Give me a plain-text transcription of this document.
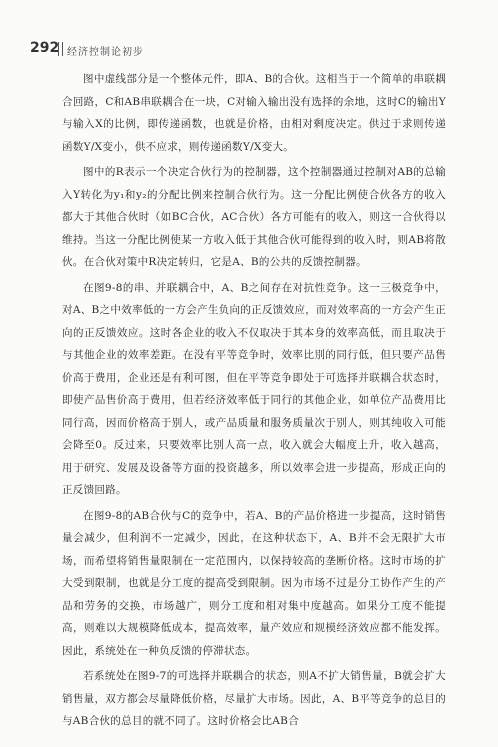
292 经济控制论初步

图中虚线部分是一个整体元件，即A、B的合伙。这相当于一个简单的串联耦合回路，C和AB串联耦合在一块，C对输入输出没有选择的余地，这时C的输出Y与输入X的比例，即传递函数，也就是价格，由相对剩度决定。供过于求则传递函数Y/X变小，供不应求，则传递函数Y/X变大。

图中的R表示一个决定合伙行为的控制器，这个控制器通过控制对AB的总输入Y转化为y₁和y₂的分配比例来控制合伙行为。这一分配比例使合伙各方的收入都大于其他合伙时（如BC合伙，AC合伙）各方可能有的收入，则这一合伙得以维持。当这一分配比例使某一方收入低于其他合伙可能得到的收入时，则AB将散伙。在合伙对策中R决定转归，它是A、B的公共的反馈控制器。

在图9-8的串、并联耦合中，A、B之间存在对抗性竞争。这一三极竞争中，对A、B之中效率低的一方会产生负向的正反馈效应，而对效率高的一方会产生正向的正反馈效应。这时各企业的收入不仅取决于其本身的效率高低，而且取决于与其他企业的效率差距。在没有平等竞争时，效率比別的同行低，但只要产品售价高于费用，企业还是有利可图，但在平等竞争即处于可选择并联耦合状态时，即使产品售价高于费用，但若经济效率低于同行的其他企业，如单位产品费用比同行高，因而价格高于别人，或产品质量和服务质量次于别人，则其纯收入可能会降至0。反过来，只要效率比别人高一点，收入就会大幅度上升，收入越高，用于研究、发展及设备等方面的投资越多，所以效率会进一步提高，形成正向的正反馈回路。

在图9-8的AB合伙与C的竞争中，若A、B的产品价格进一步提高，这时销售量会减少，但利润不一定减少，因此，在这种状态下，A、B并不会无限扩大市场，而希望将销售量限制在一定范围内，以保持较高的垄断价格。这时市场的扩大受到限制，也就是分工度的提高受到限制。因为市场不过是分工协作产生的产品和劳务的交换，市场越广，则分工度和相对集中度越高。如果分工度不能提高，则难以大规模降低成本，提高效率，量产效应和规模经济效应都不能发挥。因此，系统处在一种负反馈的停滞状态。

若系统处在图9-7的可选择并联耦合的状态，则A不扩大销售量，B就会扩大销售量，双方都会尽量降低价格，尽量扩大市场。因此，A、B平等竞争的总目的与AB合伙的总目的就不同了。这时价格会比AB合
